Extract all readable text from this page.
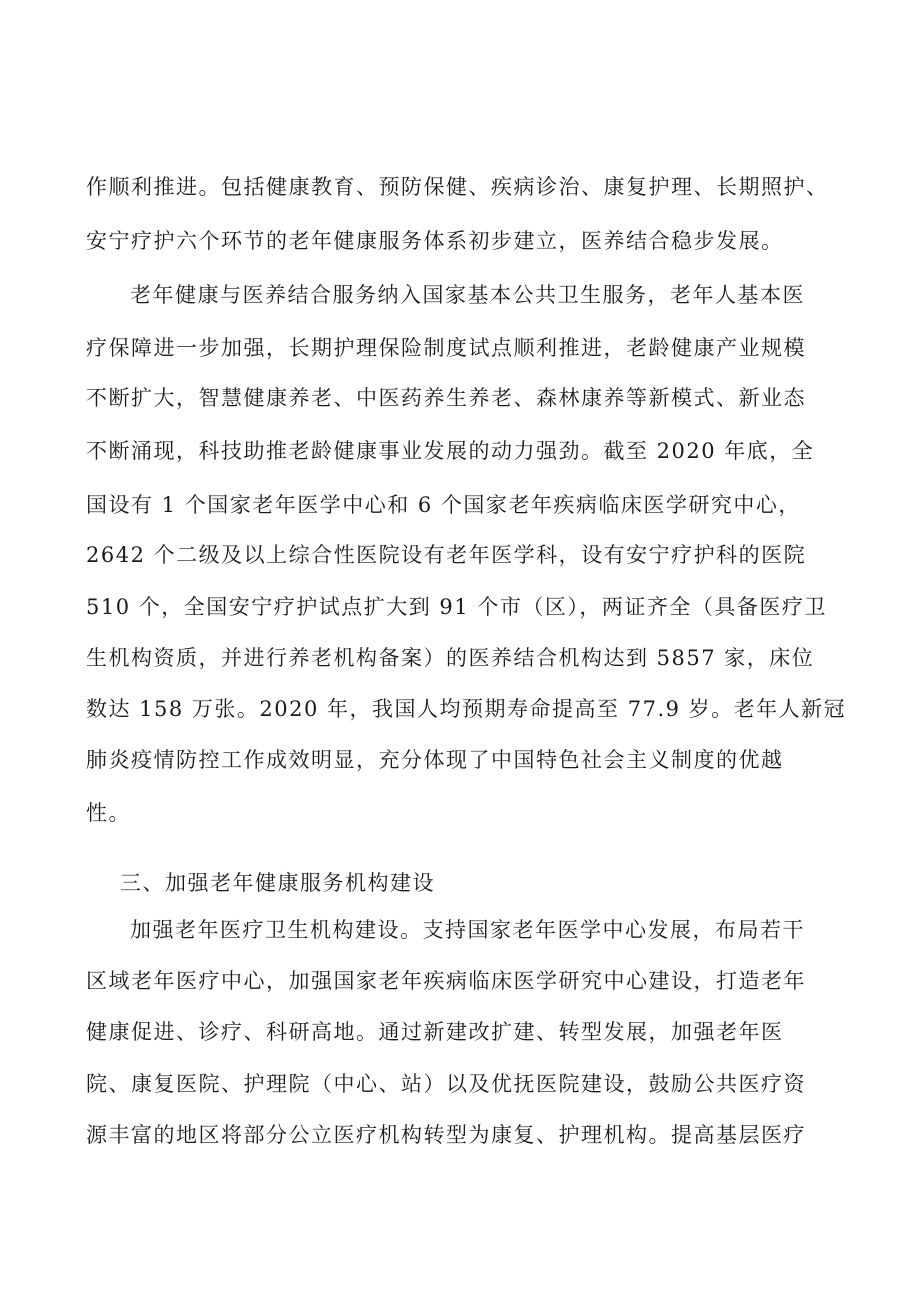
作顺利推进。包括健康教育、预防保健、疾病诊治、康复护理、长期照护、
安宁疗护六个环节的老年健康服务体系初步建立，医养结合稳步发展。
老年健康与医养结合服务纳入国家基本公共卫生服务，老年人基本医
疗保障进一步加强，长期护理保险制度试点顺利推进，老龄健康产业规模
不断扩大，智慧健康养老、中医药养生养老、森林康养等新模式、新业态
不断涌现，科技助推老龄健康事业发展的动力强劲。截至 2020 年底，全
国设有 1 个国家老年医学中心和 6 个国家老年疾病临床医学研究中心，
2642 个二级及以上综合性医院设有老年医学科，设有安宁疗护科的医院
510 个，全国安宁疗护试点扩大到 91 个市（区），两证齐全（具备医疗卫
生机构资质，并进行养老机构备案）的医养结合机构达到 5857 家，床位
数达 158 万张。2020 年，我国人均预期寿命提高至 77.9 岁。老年人新冠
肺炎疫情防控工作成效明显，充分体现了中国特色社会主义制度的优越
性。
三、加强老年健康服务机构建设
加强老年医疗卫生机构建设。支持国家老年医学中心发展，布局若干
区域老年医疗中心，加强国家老年疾病临床医学研究中心建设，打造老年
健康促进、诊疗、科研高地。通过新建改扩建、转型发展，加强老年医
院、康复医院、护理院（中心、站）以及优抚医院建设，鼓励公共医疗资
源丰富的地区将部分公立医疗机构转型为康复、护理机构。提高基层医疗
